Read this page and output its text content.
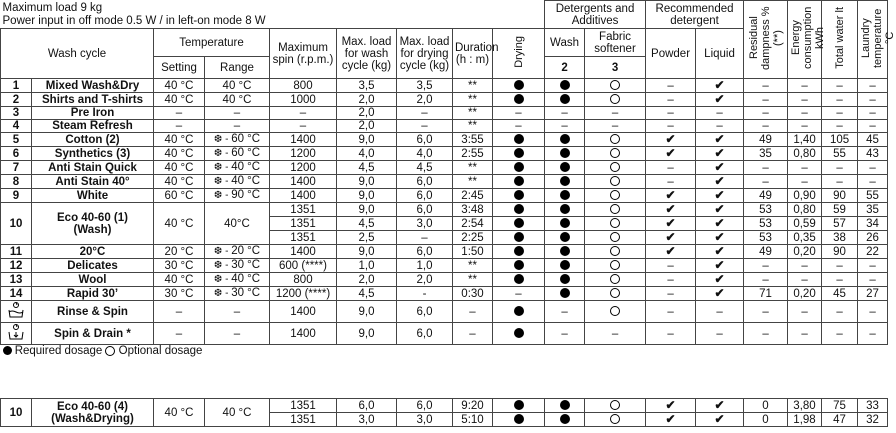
Maximum load 9 kg									Detergents and Additives		Recommended detergent		Residual dampness % (**)	Energy consumption kWh	Total water lt	Laundry temperature °C
Power input in off mode 0.5 W / in left-on mode 8 W																
Wash cycle		Temperature		Maximum spin (r.p.m.)	Max. load for wash cycle (kg)	Max. load for drying cycle (kg)	Duration (h : m)	Drying	Wash	Fabric softener	Powder	Liquid				
		Setting	Range						2	3						
1	Mixed Wash&Dry	40 °C	40 °C	800	3,5	3,5	**				–	✔	–	–	–	–
2	Shirts and T-shirts	40 °C	40 °C	1000	2,0	2,0	**				–	✔	–	–	–	–
3	Pre Iron	–	–	–	2,0	–	**	–	–	–	–	–	–	–	–	–
4	Steam Refresh	–	–	–	2,0	–	**	–	–	–	–	–	–	–	–	–
5	Cotton (2)	40 °C	❆ - 60 °C	1400	9,0	6,0	3:55				✔	✔	49	1,40	105	45
6	Synthetics (3)	40 °C	❆ - 60 °C	1200	4,0	4,0	2:55				✔	✔	35	0,80	55	43
7	Anti Stain Quick	40 °C	❆ - 40 °C	1200	4,5	4,5	**				–	✔	–	–	–	–
8	Anti Stain 40°	40 °C	❆ - 40 °C	1400	9,0	6,0	**				–	✔	–	–	–	–
9	White	60 °C	❆ - 90 °C	1400	9,0	6,0	2:45				✔	✔	49	0,90	90	55
10	Eco 40-60 (1)
(Wash)	40 °C	40°C	1351	9,0	6,0	3:48				✔	✔	53	0,80	59	35
				1351	4,5	3,0	2:54				✔	✔	53	0,59	57	34
				1351	2,5	–	2:25				✔	✔	53	0,35	38	26
11	20°C	20 °C	❆ - 20 °C	1400	9,0	6,0	1:50				✔	✔	49	0,20	90	22
12	Delicates	30 °C	❆ - 30 °C	600 (****)	1,0	1,0	**				–	✔	–	–	–	–
13	Wool	40 °C	❆ - 40 °C	800	2,0	2,0	**				–	✔	–	–	–	–
14	Rapid 30’	30 °C	❆ - 30 °C	1200 (****)	4,5	-	0:30	–			–	✔	71	0,20	45	27
	Rinse & Spin	–	–	1400	9,0	6,0	–		–		–	–	–	–	–	–
	Spin & Drain *	–	–	1400	9,0	6,0	–		–	–	–	–	–	–	–	–
Required dosage  Optional dosage																
10	Eco 40-60 (4)
(Wash&Drying)	40 °C	40 °C	1351	6,0	6,0	9:20				✔	✔	0	3,80	75	33
				1351	3,0	3,0	5:10				✔	✔	0	1,98	47	32
